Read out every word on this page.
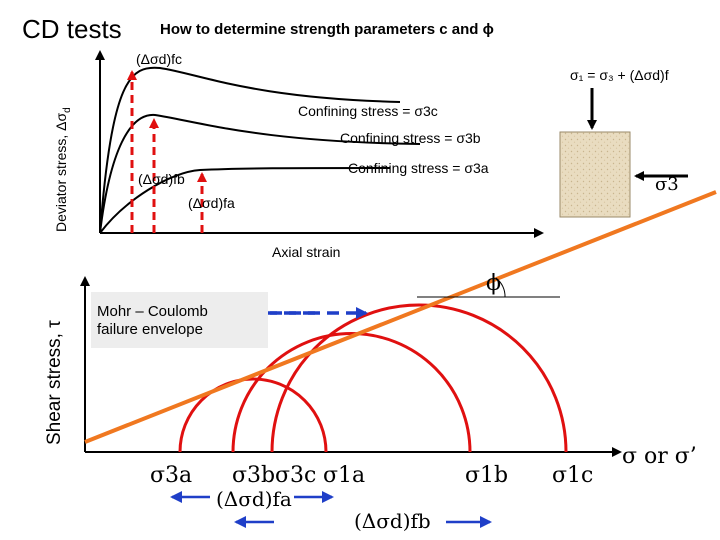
CD tests	How to determine strength parameters c and ϕ
Deviator stress, $\Delta\sigma_d$
Axial strain
Confining stress = σ3c
Confining stress = σ3b
Confining stress = σ3a
(Δσd)fc
(Δσd)fb
(Δσd)fa
σ₁ = σ₃ + (Δσd)f
σ3
Shear stress, τ
σ or σ’
ϕ
Mohr – Coulomb
failure envelope
σ3a σ3b σ3c σ1a	σ1b σ1c
(Δσd)fa
(Δσd)fb
